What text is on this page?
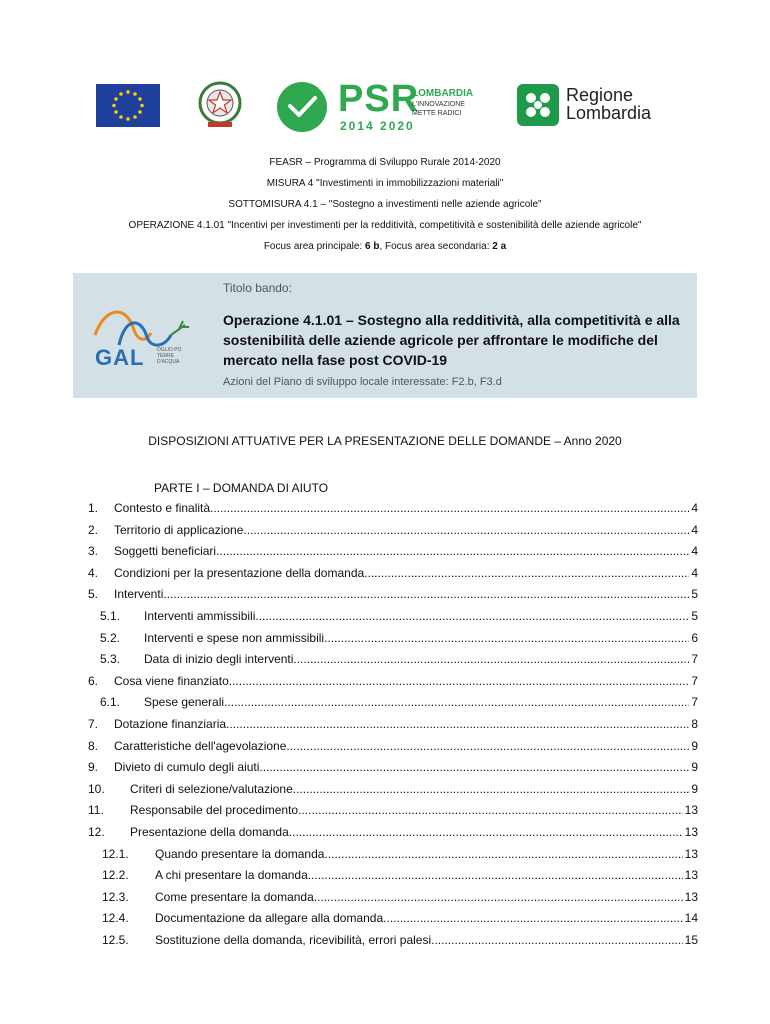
PSR
2014 2020
LOMBARDIA
L'INNOVAZIONE METTE RADICI
Regione Lombardia
FEASR – Programma di Sviluppo Rurale 2014-2020
MISURA 4 "Investimenti in immobilizzazioni materiali"
SOTTOMISURA 4.1 – "Sostegno a investimenti nelle aziende agricole"
OPERAZIONE 4.1.01 "Incentivi per investimenti per la redditività, competitività e sostenibilità delle aziende agricole"
Focus area principale: 6 b, Focus area secondaria: 2 a
GAL	OGLIO PO TERRE D'ACQUA
Titolo bando:
Operazione 4.1.01 – Sostegno alla redditività, alla competitività e alla sostenibilità delle aziende agricole per affrontare le modifiche del mercato nella fase post COVID-19
Azioni del Piano di sviluppo locale interessate: F2.b, F3.d
DISPOSIZIONI ATTUATIVE PER LA PRESENTAZIONE DELLE DOMANDE – Anno 2020
PARTE I – DOMANDA DI AIUTO
1. Contesto e finalità .....	4
2. Territorio di applicazione .....	4
3. Soggetti beneficiari .....	4
4. Condizioni per la presentazione della domanda .....	4
5. Interventi .....	5
5.1. Interventi ammissibili .....	5
5.2. Interventi e spese non ammissibili .....	6
5.3. Data di inizio degli interventi .....	7
6. Cosa viene finanziato .....	7
6.1. Spese generali .....	7
7. Dotazione finanziaria .....	8
8. Caratteristiche dell'agevolazione .....	9
9. Divieto di cumulo degli aiuti .....	9
10. Criteri di selezione/valutazione .....	9
11. Responsabile del procedimento .....	13
12. Presentazione della domanda .....	13
12.1. Quando presentare la domanda .....	13
12.2. A chi presentare la domanda .....	13
12.3. Come presentare la domanda .....	13
12.4. Documentazione da allegare alla domanda .....	14
12.5. Sostituzione della domanda, ricevibilità, errori palesi .....	15
